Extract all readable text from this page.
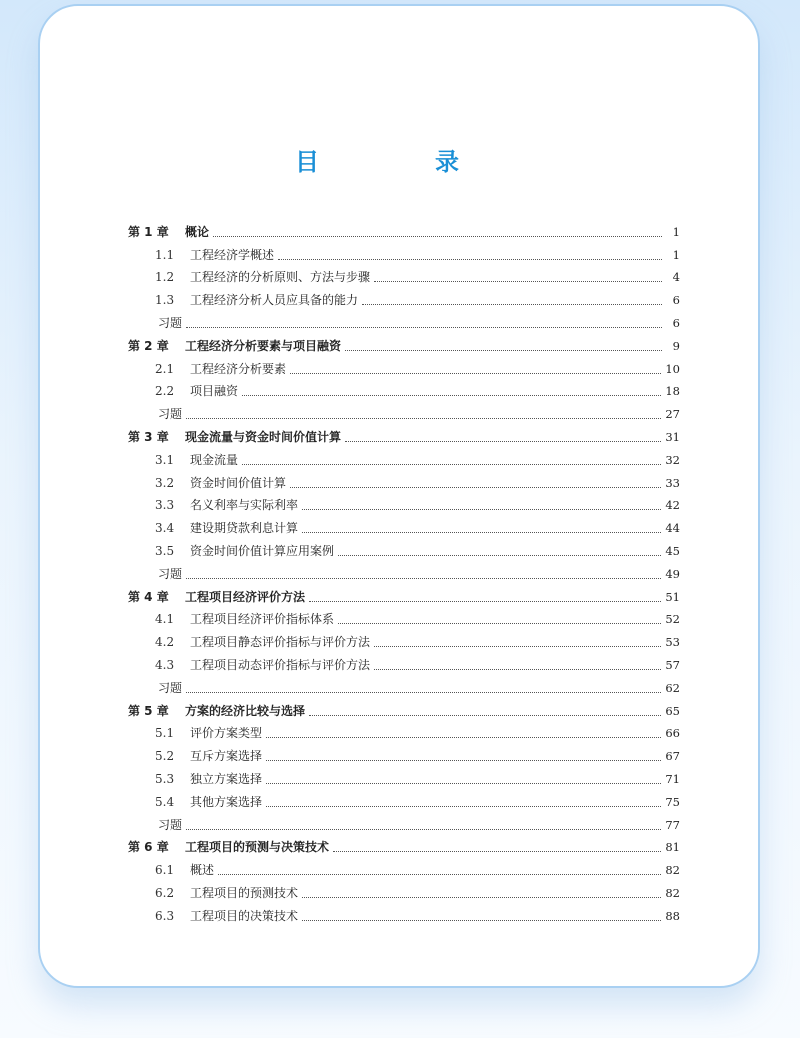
目　录
第 1 章	概论	1
1.1	工程经济学概述	1
1.2	工程经济的分析原则、方法与步骤	4
1.3	工程经济分析人员应具备的能力	6
习题	6
第 2 章	工程经济分析要素与项目融资	9
2.1	工程经济分析要素	10
2.2	项目融资	18
习题	27
第 3 章	现金流量与资金时间价值计算	31
3.1	现金流量	32
3.2	资金时间价值计算	33
3.3	名义利率与实际利率	42
3.4	建设期贷款利息计算	44
3.5	资金时间价值计算应用案例	45
习题	49
第 4 章	工程项目经济评价方法	51
4.1	工程项目经济评价指标体系	52
4.2	工程项目静态评价指标与评价方法	53
4.3	工程项目动态评价指标与评价方法	57
习题	62
第 5 章	方案的经济比较与选择	65
5.1	评价方案类型	66
5.2	互斥方案选择	67
5.3	独立方案选择	71
5.4	其他方案选择	75
习题	77
第 6 章	工程项目的预测与决策技术	81
6.1	概述	82
6.2	工程项目的预测技术	82
6.3	工程项目的决策技术	88
